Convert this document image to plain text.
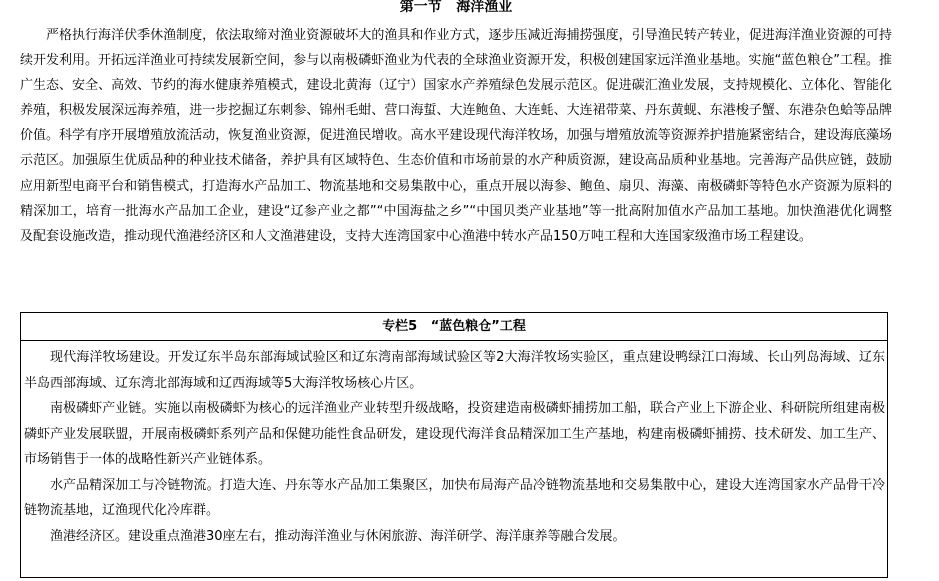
第一节   海洋渔业

严格执行海洋伏季休渔制度，依法取缔对渔业资源破坏大的渔具和作业方式，逐步压减近海捕捞强度，引导渔民转产转业，促进海洋渔业资源的可持续开发利用。开拓远洋渔业可持续发展新空间，参与以南极磷虾渔业为代表的全球渔业资源开发，积极创建国家远洋渔业基地。实施“蓝色粮仓”工程。推广生态、安全、高效、节约的海水健康养殖模式，建设北黄海（辽宁）国家水产养殖绿色发展示范区。促进碳汇渔业发展，支持规模化、立体化、智能化养殖，积极发展深远海养殖，进一步挖掘辽东刺参、锦州毛蚶、营口海蜇、大连鲍鱼、大连蚝、大连裙带菜、丹东黄蚬、东港梭子蟹、东港杂色蛤等品牌价值。科学有序开展增殖放流活动，恢复渔业资源，促进渔民增收。高水平建设现代海洋牧场，加强与增殖放流等资源养护措施紧密结合，建设海底藻场示范区。加强原生优质品种的种业技术储备，养护具有区域特色、生态价值和市场前景的水产种质资源，建设高品质种业基地。完善海产品供应链，鼓励应用新型电商平台和销售模式，打造海水产品加工、物流基地和交易集散中心，重点开展以海参、鲍鱼、扇贝、海藻、南极磷虾等特色水产资源为原料的精深加工，培育一批海水产品加工企业，建设“辽参产业之都”“中国海盐之乡”“中国贝类产业基地”等一批高附加值水产品加工基地。加快渔港优化调整及配套设施改造，推动现代渔港经济区和人文渔港建设，支持大连湾国家中心渔港中转水产品150万吨工程和大连国家级渔市场工程建设。

专栏5   “蓝色粮仓”工程

现代海洋牧场建设。开发辽东半岛东部海域试验区和辽东湾南部海域试验区等2大海洋牧场实验区，重点建设鸭绿江口海域、长山列岛海域、辽东半岛西部海域、辽东湾北部海域和辽西海域等5大海洋牧场核心片区。

南极磷虾产业链。实施以南极磷虾为核心的远洋渔业产业转型升级战略，投资建造南极磷虾捕捞加工船，联合产业上下游企业、科研院所组建南极磷虾产业发展联盟，开展南极磷虾系列产品和保健功能性食品研发，建设现代海洋食品精深加工生产基地，构建南极磷虾捕捞、技术研发、加工生产、市场销售于一体的战略性新兴产业链体系。

水产品精深加工与冷链物流。打造大连、丹东等水产品加工集聚区，加快布局海产品冷链物流基地和交易集散中心，建设大连湾国家水产品骨干冷链物流基地，辽渔现代化冷库群。

渔港经济区。建设重点渔港30座左右，推动海洋渔业与休闲旅游、海洋研学、海洋康养等融合发展。
